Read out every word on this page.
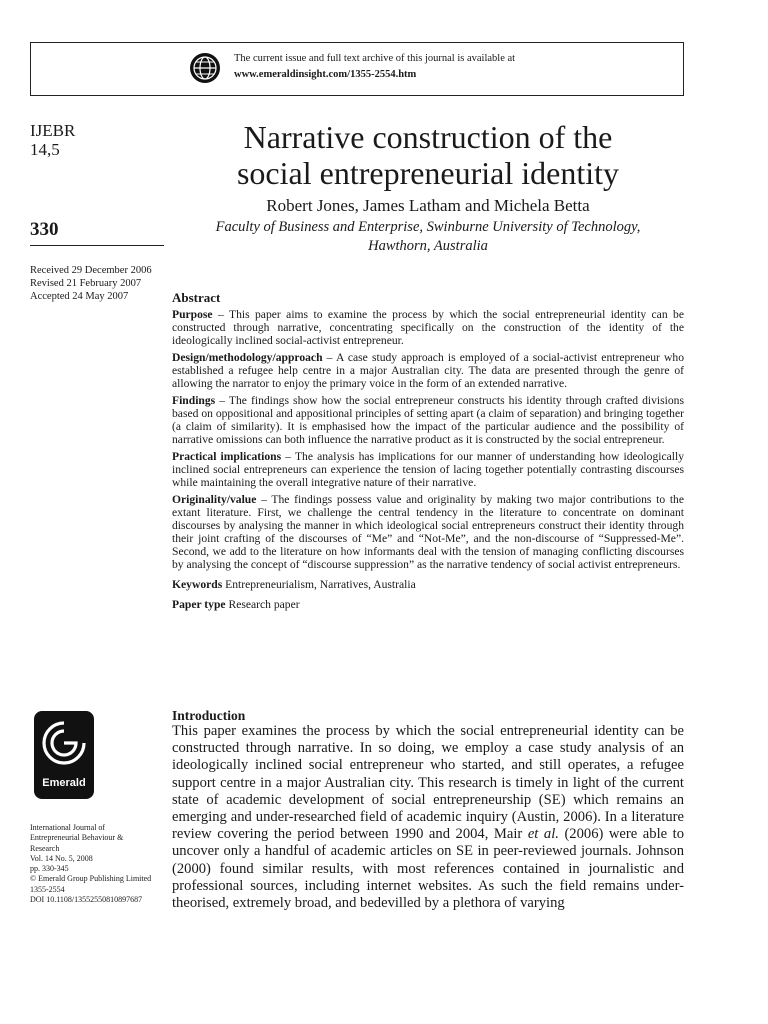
The current issue and full text archive of this journal is available at
www.emeraldinsight.com/1355-2554.htm
IJEBR
14,5
330
Received 29 December 2006
Revised 21 February 2007
Accepted 24 May 2007
Emerald
International Journal of
Entrepreneurial Behaviour &
Research
Vol. 14 No. 5, 2008
pp. 330-345
© Emerald Group Publishing Limited
1355-2554
DOI 10.1108/13552550810897687
Narrative construction of the
social entrepreneurial identity
Robert Jones, James Latham and Michela Betta
Faculty of Business and Enterprise, Swinburne University of Technology,
Hawthorn, Australia
Abstract

Purpose – This paper aims to examine the process by which the social entrepreneurial identity can be constructed through narrative, concentrating specifically on the construction of the identity of the ideologically inclined social-activist entrepreneur.

Design/methodology/approach – A case study approach is employed of a social-activist entrepreneur who established a refugee help centre in a major Australian city. The data are presented through the genre of allowing the narrator to enjoy the primary voice in the form of an extended narrative.

Findings – The findings show how the social entrepreneur constructs his identity through crafted divisions based on oppositional and appositional principles of setting apart (a claim of separation) and bringing together (a claim of similarity). It is emphasised how the impact of the particular audience and the possibility of narrative omissions can both influence the narrative product as it is constructed by the social entrepreneur.

Practical implications – The analysis has implications for our manner of understanding how ideologically inclined social entrepreneurs can experience the tension of lacing together potentially contrasting discourses while maintaining the overall integrative nature of their narrative.

Originality/value – The findings possess value and originality by making two major contributions to the extant literature. First, we challenge the central tendency in the literature to concentrate on dominant discourses by analysing the manner in which ideological social entrepreneurs construct their identity through their joint crafting of the discourses of “Me” and “Not-Me”, and the non-discourse of “Suppressed-Me”. Second, we add to the literature on how informants deal with the tension of managing conflicting discourses by analysing the concept of “discourse suppression” as the narrative tendency of social activist entrepreneurs.

Keywords Entrepreneurialism, Narratives, Australia

Paper type Research paper

Introduction

This paper examines the process by which the social entrepreneurial identity can be constructed through narrative. In so doing, we employ a case study analysis of an ideologically inclined social entrepreneur who started, and still operates, a refugee support centre in a major Australian city. This research is timely in light of the current state of academic development of social entrepreneurship (SE) which remains an emerging and under-researched field of academic inquiry (Austin, 2006). In a literature review covering the period between 1990 and 2004, Mair et al. (2006) were able to uncover only a handful of academic articles on SE in peer-reviewed journals. Johnson (2000) found similar results, with most references contained in journalistic and professional sources, including internet websites. As such the field remains under-theorised, extremely broad, and bedevilled by a plethora of varying
